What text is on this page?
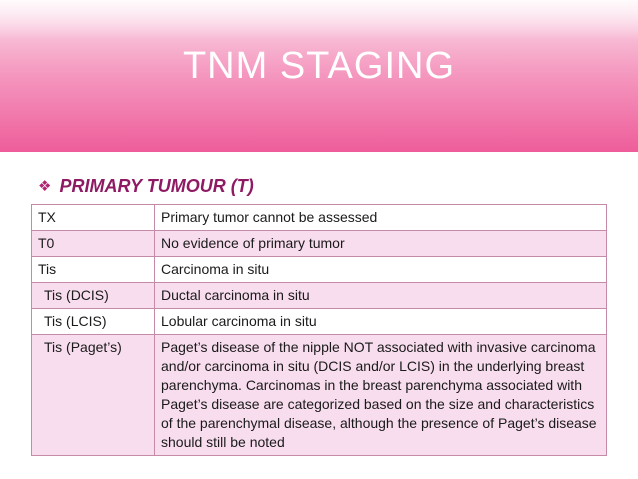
TNM STAGING
❖ PRIMARY TUMOUR (T)
TX	Primary tumor cannot be assessed
T0	No evidence of primary tumor
Tis	Carcinoma in situ
Tis (DCIS)	Ductal carcinoma in situ
Tis (LCIS)	Lobular carcinoma in situ
Tis (Paget’s)	Paget’s disease of the nipple NOT associated with invasive carcinoma and/or carcinoma in situ (DCIS and/or LCIS) in the underlying breast parenchyma. Carcinomas in the breast parenchyma associated with Paget’s disease are categorized based on the size and characteristics of the parenchymal disease, although the presence of Paget’s disease should still be noted
